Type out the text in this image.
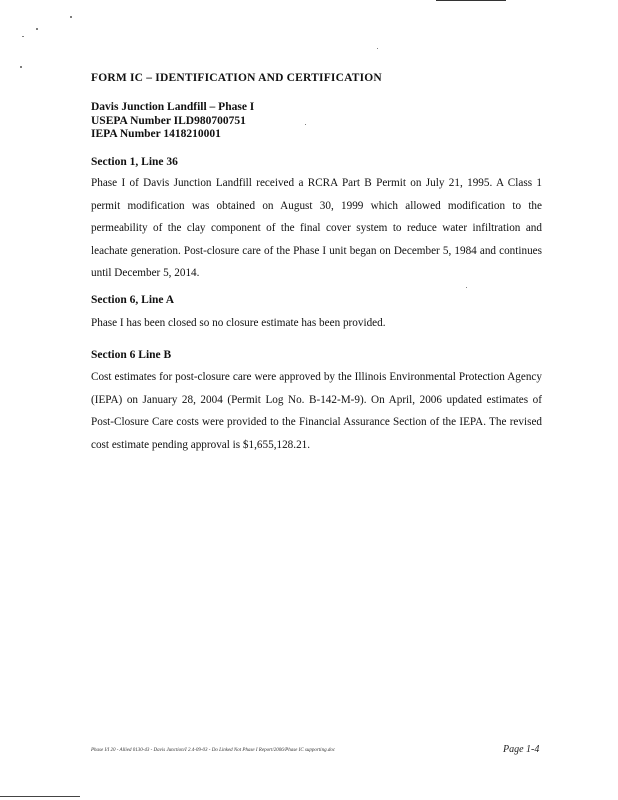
FORM IC – IDENTIFICATION AND CERTIFICATION
Davis Junction Landfill – Phase I
USEPA Number ILD980700751
IEPA Number 1418210001
Section 1, Line 36
Phase I of Davis Junction Landfill received a RCRA Part B Permit on July 21, 1995. A Class 1 permit modification was obtained on August 30, 1999 which allowed modification to the permeability of the clay component of the final cover system to reduce water infiltration and leachate generation. Post-closure care of the Phase I unit began on December 5, 1984 and continues until December 5, 2014.
Section 6, Line A
Phase I has been closed so no closure estimate has been provided.
Section 6 Line B
Cost estimates for post-closure care were approved by the Illinois Environmental Protection Agency (IEPA) on January 28, 2004 (Permit Log No. B-142-M-9). On April, 2006 updated estimates of Post-Closure Care costs were provided to the Financial Assurance Section of the IEPA. The revised cost estimate pending approval is $1,655,128.21.
Phase I/I 20 - Allied 0130-43 - Davis Junction/I 2.4-09-03 - Do Linked Not Phase I Report/2006/Phase IC supporting.doc	Page 1-4
